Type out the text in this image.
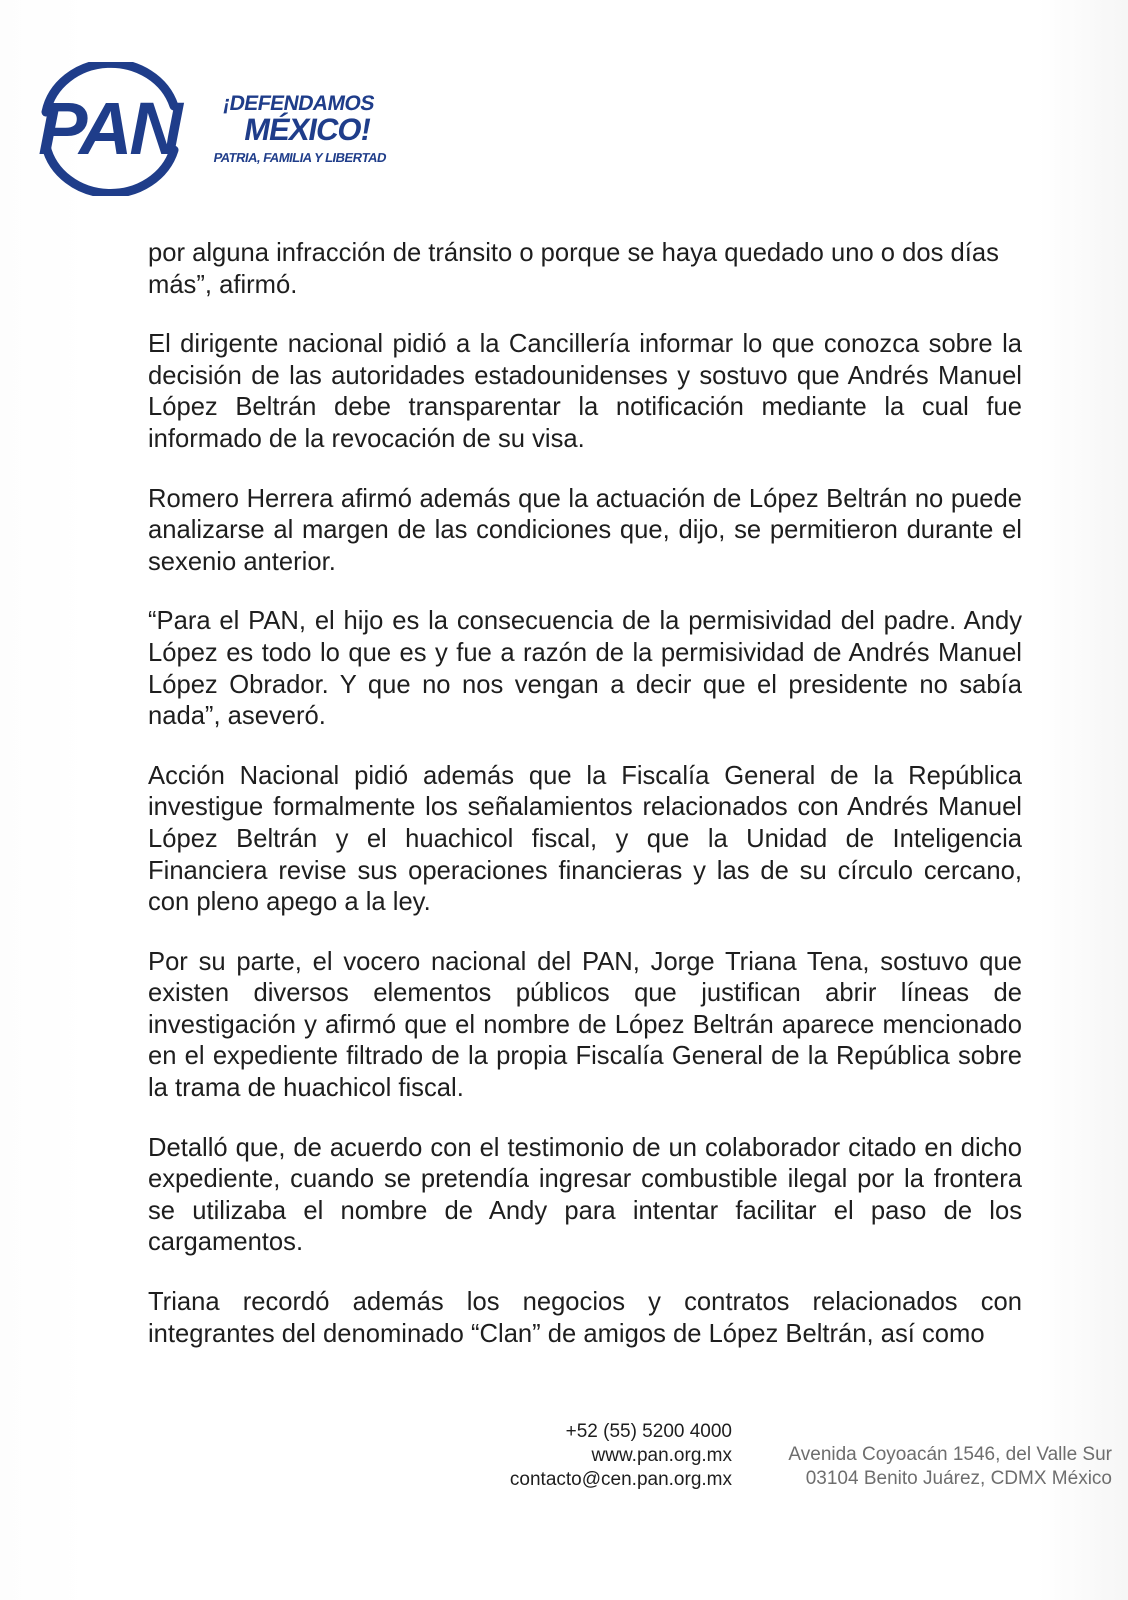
PAN ¡DEFENDAMOS
MÉXICO!
PATRIA, FAMILIA Y LIBERTAD

por alguna infracción de tránsito o porque se haya quedado uno o dos días más”, afirmó.

El dirigente nacional pidió a la Cancillería informar lo que conozca sobre la decisión de las autoridades estadounidenses y sostuvo que Andrés Manuel López Beltrán debe transparentar la notificación mediante la cual fue informado de la revocación de su visa.

Romero Herrera afirmó además que la actuación de López Beltrán no puede analizarse al margen de las condiciones que, dijo, se permitieron durante el sexenio anterior.

“Para el PAN, el hijo es la consecuencia de la permisividad del padre. Andy López es todo lo que es y fue a razón de la permisividad de Andrés Manuel López Obrador. Y que no nos vengan a decir que el presidente no sabía nada”, aseveró.

Acción Nacional pidió además que la Fiscalía General de la República investigue formalmente los señalamientos relacionados con Andrés Manuel López Beltrán y el huachicol fiscal, y que la Unidad de Inteligencia Financiera revise sus operaciones financieras y las de su círculo cercano, con pleno apego a la ley.

Por su parte, el vocero nacional del PAN, Jorge Triana Tena, sostuvo que existen diversos elementos públicos que justifican abrir líneas de investigación y afirmó que el nombre de López Beltrán aparece mencionado en el expediente filtrado de la propia Fiscalía General de la República sobre la trama de huachicol fiscal.

Detalló que, de acuerdo con el testimonio de un colaborador citado en dicho expediente, cuando se pretendía ingresar combustible ilegal por la frontera se utilizaba el nombre de Andy para intentar facilitar el paso de los cargamentos.

Triana recordó además los negocios y contratos relacionados con integrantes del denominado “Clan” de amigos de López Beltrán, así como

+52 (55) 5200 4000
www.pan.org.mx
contacto@cen.pan.org.mx
Avenida Coyoacán 1546, del Valle Sur
03104 Benito Juárez, CDMX México
